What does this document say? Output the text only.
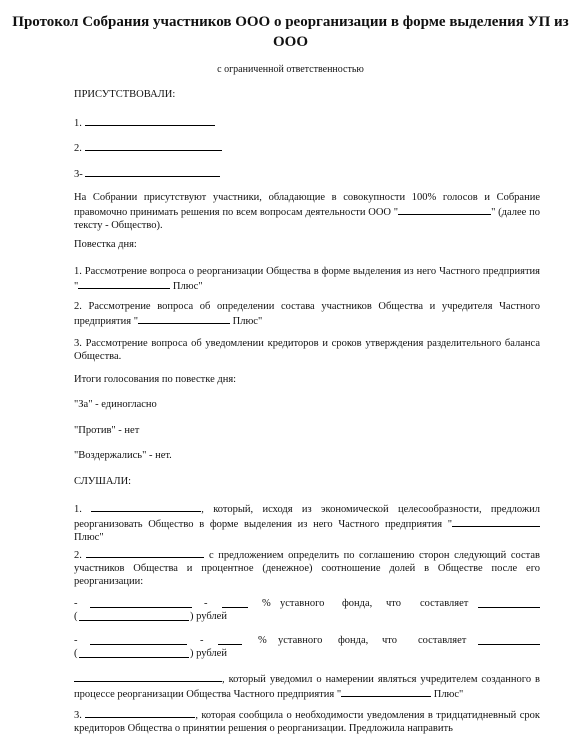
Протокол Собрания участников ООО о реорганизации в форме выделения УП из ООО
с ограниченной ответственностью
ПРИСУТСТВОВАЛИ:
1.
2.
3-
На Собрании присутствуют участники, обладающие в совокупности 100% голосов и Собрание правомочно принимать решения по всем вопросам деятельности ООО "	" (далее по тексту - Общество).
Повестка дня:
1. Рассмотрение вопроса о реорганизации Общества в форме выделения из него Частного предприятия "	Плюс"
2. Рассмотрение вопроса об определении состава участников Общества и учредителя Частного предприятия "	Плюс"
3. Рассмотрение вопроса об уведомлении кредиторов и сроков утверждения разделительного баланса Общества.
Итоги голосования по повестке дня:
"За" - единогласно
"Против" - нет
"Воздержались" - нет.
СЛУШАЛИ:
1.	, который, исходя из экономической целесообразности, предложил реорганизовать Общество в форме выделения из него Частного предприятия " Плюс"
2.	с предложением определить по соглашению сторон следующий состав участников Общества и процентное (денежное) соотношение долей в Обществе после его реорганизации:
-	-	% уставного фонда, что составляет
(	) рублей
-	-	% уставного фонда, что составляет
(	) рублей
, который уведомил о намерении являться учредителем созданного в процессе реорганизации Общества Частного предприятия "	Плюс"
3.	, которая сообщила о необходимости уведомления в тридцатидневный срок кредиторов Общества о принятии решения о реорганизации. Предложила направить
